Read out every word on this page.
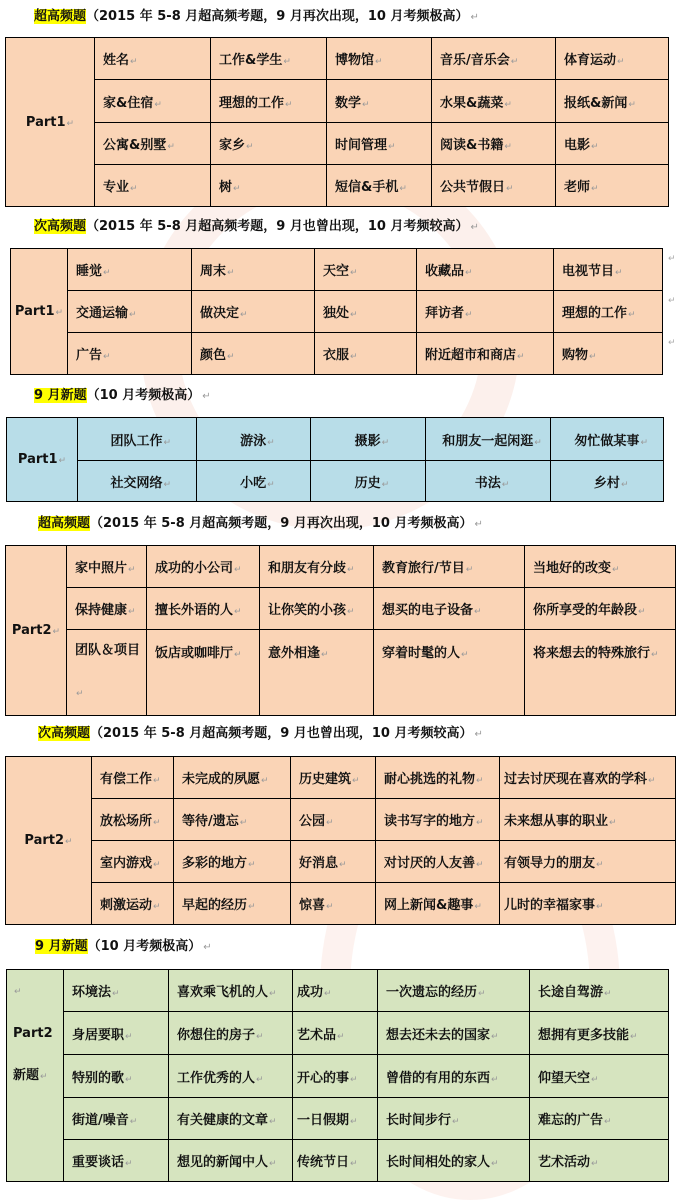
超高频题（2015 年 5-8 月超高频考题，9 月再次出现，10 月考频极高） ↵
Part1↵	姓名↵	工作&学生↵	博物馆↵	音乐/音乐会↵	体育运动↵
	家&住宿↵	理想的工作↵	数学↵	水果&蔬菜↵	报纸&新闻↵
	公寓&别墅↵	家乡↵	时间管理↵	阅读&书籍↵	电影↵
	专业↵	树↵	短信&手机↵	公共节假日↵	老师↵
次高频题（2015 年 5-8 月超高频考题，9 月也曾出现，10 月考频较高） ↵
Part1↵	睡觉↵	周末↵	天空↵	收藏品↵	电视节目↵
	交通运输↵	做决定↵	独处↵	拜访者↵	理想的工作↵
	广告↵	颜色↵	衣服↵	附近超市和商店↵	购物↵
↵
↵
↵
9 月新题（10 月考频极高） ↵
Part1↵	团队工作↵	游泳↵	摄影↵	和朋友一起闲逛↵	匆忙做某事↵
	社交网络↵	小吃↵	历史↵	书法↵	乡村↵
超高频题（2015 年 5-8 月超高频考题，9 月再次出现，10 月考频极高） ↵
Part2↵	家中照片↵	成功的小公司↵	和朋友有分歧↵	教育旅行/节目↵	当地好的改变↵
	保持健康↵	擅长外语的人↵	让你笑的小孩↵	想买的电子设备↵	你所享受的年龄段↵

	团队＆项目↵	饭店或咖啡厅↵	意外相逢↵	穿着时髦的人↵	将来想去的特殊旅行↵
次高频题（2015 年 5-8 月超高频考题，9 月也曾出现，10 月考频较高） ↵
Part2↵	有偿工作↵	未完成的夙愿↵	历史建筑↵	耐心挑选的礼物↵	过去讨厌现在喜欢的学科↵
	放松场所↵	等待/遗忘↵	公园↵	读书写字的地方↵	未来想从事的职业↵
	室内游戏↵	多彩的地方↵	好消息↵	对讨厌的人友善↵	有领导力的朋友↵
	刺激运动↵	早起的经历↵	惊喜↵	网上新闻&趣事↵	儿时的幸福家事↵
9 月新题（10 月考频极高） ↵
↵
Part2
新题↵	环境法↵	喜欢乘飞机的人↵	成功↵	一次遗忘的经历↵	长途自驾游↵
	身居要职↵	你想住的房子↵	艺术品↵	想去还未去的国家↵	想拥有更多技能↵
	特别的歌↵	工作优秀的人↵	开心的事↵	曾借的有用的东西↵	仰望天空↵
	街道/噪音↵	有关健康的文章↵	一日假期↵	长时间步行↵	难忘的广告↵
	重要谈话↵	想见的新闻中人↵	传统节日↵	长时间相处的家人↵	艺术活动↵
